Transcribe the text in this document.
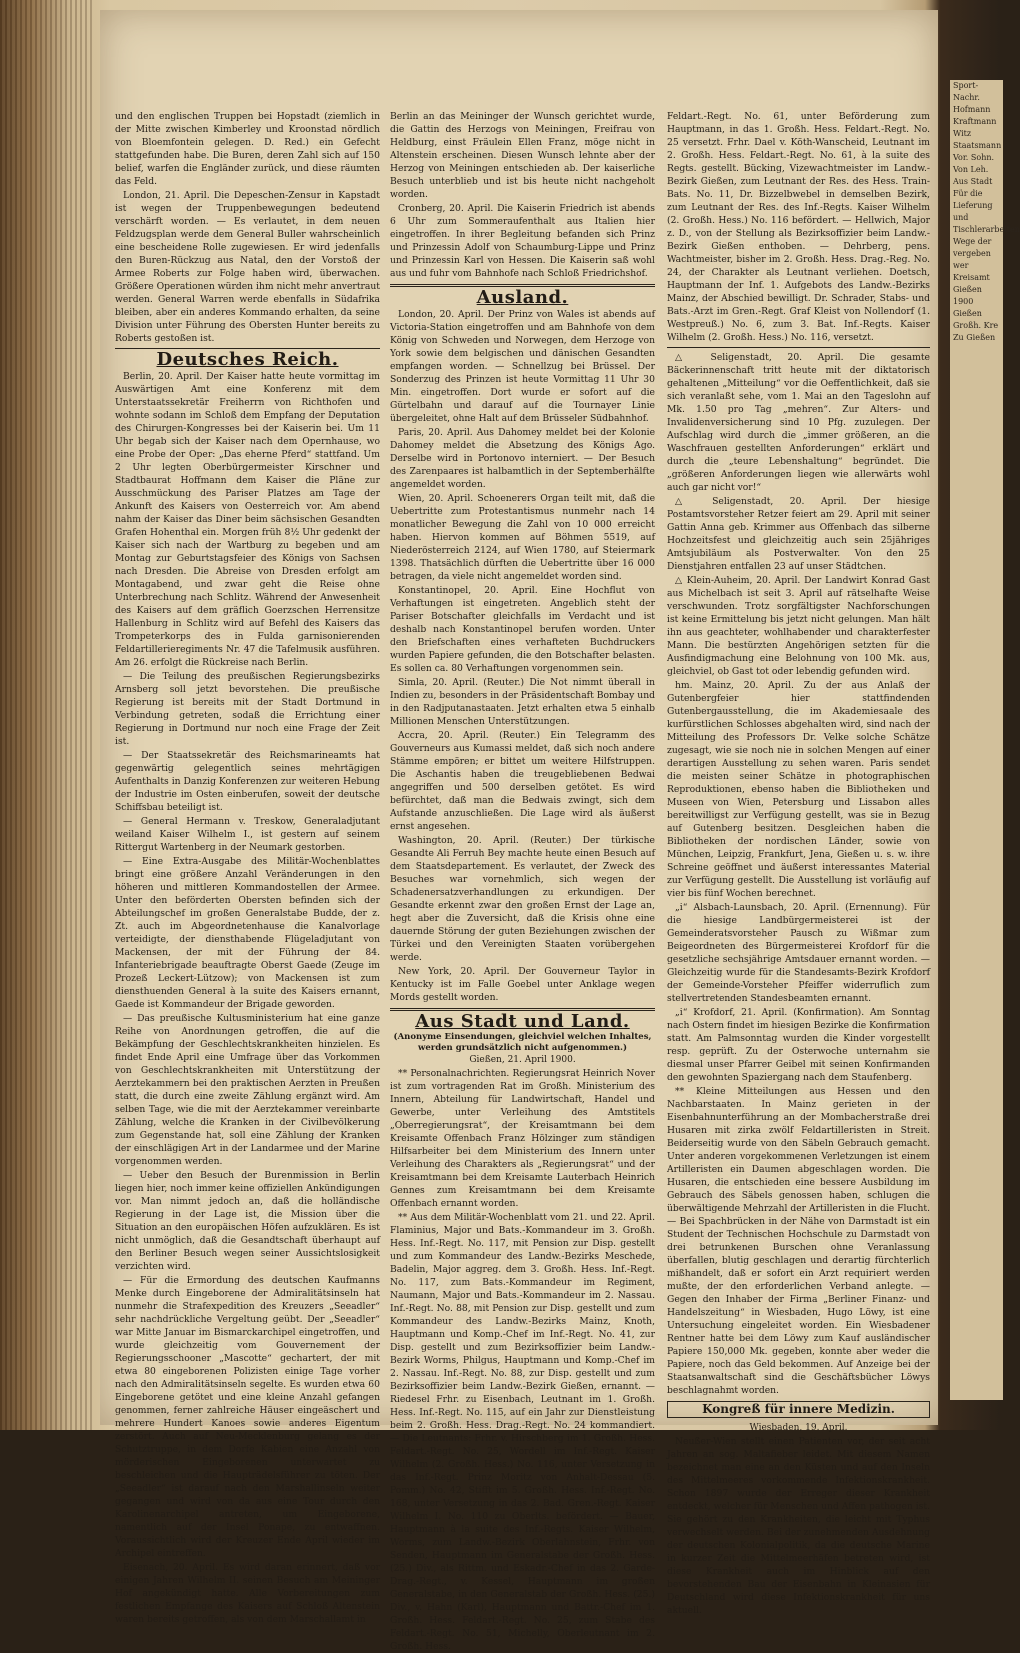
und den englischen Truppen bei Hopstadt (ziemlich in der Mitte zwischen Kimberley und Kroonstad nördlich von Bloemfontein gelegen. D. Red.) ein Gefecht stattgefunden habe. Die Buren, deren Zahl sich auf 150 belief, warfen die Engländer zurück, und diese räumten das Feld.

London, 21. April. Die Depeschen-Zensur in Kapstadt ist wegen der Truppenbewegungen bedeutend verschärft worden. — Es verlautet, in dem neuen Feldzugsplan werde dem General Buller wahrscheinlich eine bescheidene Rolle zugewiesen. Er wird jedenfalls den Buren-Rückzug aus Natal, den der Vorstoß der Armee Roberts zur Folge haben wird, überwachen. Größere Operationen würden ihm nicht mehr anvertraut werden. General Warren werde ebenfalls in Südafrika bleiben, aber ein anderes Kommando erhalten, da seine Division unter Führung des Obersten Hunter bereits zu Roberts gestoßen ist.

Deutsches Reich.

Berlin, 20. April. Der Kaiser hatte heute vormittag im Auswärtigen Amt eine Konferenz mit dem Unterstaatssekretär Freiherrn von Richthofen und wohnte sodann im Schloß dem Empfang der Deputation des Chirurgen-Kongresses bei der Kaiserin bei. Um 11 Uhr begab sich der Kaiser nach dem Opernhause, wo eine Probe der Oper: „Das eherne Pferd“ stattfand. Um 2 Uhr legten Oberbürgermeister Kirschner und Stadtbaurat Hoffmann dem Kaiser die Pläne zur Ausschmückung des Pariser Platzes am Tage der Ankunft des Kaisers von Oesterreich vor. Am abend nahm der Kaiser das Diner beim sächsischen Gesandten Grafen Hohenthal ein. Morgen früh 8½ Uhr gedenkt der Kaiser sich nach der Wartburg zu begeben und am Montag zur Geburtstagsfeier des Königs von Sachsen nach Dresden. Die Abreise von Dresden erfolgt am Montagabend, und zwar geht die Reise ohne Unterbrechung nach Schlitz. Während der Anwesenheit des Kaisers auf dem gräflich Goerzschen Herrensitze Hallenburg in Schlitz wird auf Befehl des Kaisers das Trompeterkorps des in Fulda garnisonierenden Feldartillerieregiments Nr. 47 die Tafelmusik ausführen. Am 26. erfolgt die Rückreise nach Berlin.

— Die Teilung des preußischen Regierungsbezirks Arnsberg soll jetzt bevorstehen. Die preußische Regierung ist bereits mit der Stadt Dortmund in Verbindung getreten, sodaß die Errichtung einer Regierung in Dortmund nur noch eine Frage der Zeit ist.

— Der Staatssekretär des Reichsmarineamts hat gegenwärtig gelegentlich seines mehrtägigen Aufenthalts in Danzig Konferenzen zur weiteren Hebung der Industrie im Osten einberufen, soweit der deutsche Schiffsbau beteiligt ist.

— General Hermann v. Treskow, Generaladjutant weiland Kaiser Wilhelm I., ist gestern auf seinem Rittergut Wartenberg in der Neumark gestorben.

— Eine Extra-Ausgabe des Militär-Wochenblattes bringt eine größere Anzahl Veränderungen in den höheren und mittleren Kommandostellen der Armee. Unter den beförderten Obersten befinden sich der Abteilungschef im großen Generalstabe Budde, der z. Zt. auch im Abgeordnetenhause die Kanalvorlage verteidigte, der diensthabende Flügeladjutant von Mackensen, der mit der Führung der 84. Infanteriebrigade beauftragte Oberst Gaede (Zeuge im Prozeß Leckert-Lützow); von Mackensen ist zum diensthuenden General à la suite des Kaisers ernannt, Gaede ist Kommandeur der Brigade geworden.

— Das preußische Kultusministerium hat eine ganze Reihe von Anordnungen getroffen, die auf die Bekämpfung der Geschlechtskrankheiten hinzielen. Es findet Ende April eine Umfrage über das Vorkommen von Geschlechtskrankheiten mit Unterstützung der Aerztekammern bei den praktischen Aerzten in Preußen statt, die durch eine zweite Zählung ergänzt wird. Am selben Tage, wie die mit der Aerztekammer vereinbarte Zählung, welche die Kranken in der Civilbevölkerung zum Gegenstande hat, soll eine Zählung der Kranken der einschlägigen Art in der Landarmee und der Marine vorgenommen werden.

— Ueber den Besuch der Burenmission in Berlin liegen hier, noch immer keine offiziellen Ankündigungen vor. Man nimmt jedoch an, daß die holländische Regierung in der Lage ist, die Mission über die Situation an den europäischen Höfen aufzuklären. Es ist nicht unmöglich, daß die Gesandtschaft überhaupt auf den Berliner Besuch wegen seiner Aussichtslosigkeit verzichten wird.

— Für die Ermordung des deutschen Kaufmanns Menke durch Eingeborene der Admiralitätsinseln hat nunmehr die Strafexpedition des Kreuzers „Seeadler“ sehr nachdrückliche Vergeltung geübt. Der „Seeadler“ war Mitte Januar im Bismarckarchipel eingetroffen, und wurde gleichzeitig vom Gouvernement der Regierungsschooner „Mascotte“ gechartert, der mit etwa 80 eingeborenen Polizisten einige Tage vorher nach den Admiralitätsinseln segelte. Es wurden etwa 60 Eingeborene getötet und eine kleine Anzahl gefangen genommen, ferner zahlreiche Häuser eingeäschert und mehrere Hundert Kanoes sowie anderes Eigentum zerstört. Auch auf Neu-Mecklenburg gelang es der Schutztruppe, in dem Dorfe Kabien eine Anzahl von mörderischen Eingeborenen unterwartet zu beschleichen und die Haupträdelsführer zu töten. Der „Seeadler“ ist darauf nach den Marshallinseln weiter gegangen und wird von da aus eine Tour durch den Karolinenarchipel antreten, um Eingeborene, namentlich auf der Insel Ponape, zu entwaffnen. Voraussichtlich wird der Kreuzer Ende April wieder im Archipel eintreffen.

Eisenach, 20. April. Es wird daran erinnert, daß vor einigen Jahren Wilhelm II. seinen Besuch am Meininger Hof angekündigt hatte. Alle Vorbereitungen zum festlichen Empfange des Kaisers auf Schloß Altenstein waren bereits getroffen, als von dem Marschallamt in

Berlin an das Meininger der Wunsch gerichtet wurde, die Gattin des Herzogs von Meiningen, Freifrau von Heldburg, einst Fräulein Ellen Franz, möge nicht in Altenstein erscheinen. Diesen Wunsch lehnte aber der Herzog von Meiningen entschieden ab. Der kaiserliche Besuch unterblieb und ist bis heute nicht nachgeholt worden.

Cronberg, 20. April. Die Kaiserin Friedrich ist abends 6 Uhr zum Sommeraufenthalt aus Italien hier eingetroffen. In ihrer Begleitung befanden sich Prinz und Prinzessin Adolf von Schaumburg-Lippe und Prinz und Prinzessin Karl von Hessen. Die Kaiserin saß wohl aus und fuhr vom Bahnhofe nach Schloß Friedrichshof.

Ausland.

London, 20. April. Der Prinz von Wales ist abends auf Victoria-Station eingetroffen und am Bahnhofe von dem König von Schweden und Norwegen, dem Herzoge von York sowie dem belgischen und dänischen Gesandten empfangen worden. — Schnellzug bei Brüssel. Der Sonderzug des Prinzen ist heute Vormittag 11 Uhr 30 Min. eingetroffen. Dort wurde er sofort auf die Gürtelbahn und darauf auf die Tournayer Linie übergeleitet, ohne Halt auf dem Brüsseler Südbahnhof.

Paris, 20. April. Aus Dahomey meldet bei der Kolonie Dahomey meldet die Absetzung des Königs Ago. Derselbe wird in Portonovo interniert. — Der Besuch des Zarenpaares ist halbamtlich in der Septemberhälfte angemeldet worden.

Wien, 20. April. Schoenerers Organ teilt mit, daß die Uebertritte zum Protestantismus nunmehr nach 14 monatlicher Bewegung die Zahl von 10 000 erreicht haben. Hiervon kommen auf Böhmen 5519, auf Niederösterreich 2124, auf Wien 1780, auf Steiermark 1398. Thatsächlich dürften die Uebertritte über 16 000 betragen, da viele nicht angemeldet worden sind.

Konstantinopel, 20. April. Eine Hochflut von Verhaftungen ist eingetreten. Angeblich steht der Pariser Botschafter gleichfalls im Verdacht und ist deshalb nach Konstantinopel berufen worden. Unter den Briefschaften eines verhafteten Buchdruckers wurden Papiere gefunden, die den Botschafter belasten. Es sollen ca. 80 Verhaftungen vorgenommen sein.

Simla, 20. April. (Reuter.) Die Not nimmt überall in Indien zu, besonders in der Präsidentschaft Bombay und in den Radjputanastaaten. Jetzt erhalten etwa 5 einhalb Millionen Menschen Unterstützungen.

Accra, 20. April. (Reuter.) Ein Telegramm des Gouverneurs aus Kumassi meldet, daß sich noch andere Stämme empören; er bittet um weitere Hilfstruppen. Die Aschantis haben die treugebliebenen Bedwai angegriffen und 500 derselben getötet. Es wird befürchtet, daß man die Bedwais zwingt, sich dem Aufstande anzuschließen. Die Lage wird als äußerst ernst angesehen.

Washington, 20. April. (Reuter.) Der türkische Gesandte Ali Ferruh Bey machte heute einen Besuch auf dem Staatsdepartement. Es verlautet, der Zweck des Besuches war vornehmlich, sich wegen der Schadenersatzverhandlungen zu erkundigen. Der Gesandte erkennt zwar den großen Ernst der Lage an, hegt aber die Zuversicht, daß die Krisis ohne eine dauernde Störung der guten Beziehungen zwischen der Türkei und den Vereinigten Staaten vorübergehen werde.

New York, 20. April. Der Gouverneur Taylor in Kentucky ist im Falle Goebel unter Anklage wegen Mords gestellt worden.

Aus Stadt und Land.
(Anonyme Einsendungen, gleichviel welchen Inhaltes, werden grundsätzlich nicht aufgenommen.)
Gießen, 21. April 1900.

** Personalnachrichten. Regierungsrat Heinrich Nover ist zum vortragenden Rat im Großh. Ministerium des Innern, Abteilung für Landwirtschaft, Handel und Gewerbe, unter Verleihung des Amtstitels „Oberregierungsrat“, der Kreisamtmann bei dem Kreisamte Offenbach Franz Hölzinger zum ständigen Hilfsarbeiter bei dem Ministerium des Innern unter Verleihung des Charakters als „Regierungsrat“ und der Kreisamtmann bei dem Kreisamte Lauterbach Heinrich Gennes zum Kreisamtmann bei dem Kreisamte Offenbach ernannt worden.

** Aus dem Militär-Wochenblatt vom 21. und 22. April. Flaminius, Major und Bats.-Kommandeur im 3. Großh. Hess. Inf.-Regt. No. 117, mit Pension zur Disp. gestellt und zum Kommandeur des Landw.-Bezirks Meschede, Badelin, Major aggreg. dem 3. Großh. Hess. Inf.-Regt. No. 117, zum Bats.-Kommandeur im Regiment, Naumann, Major und Bats.-Kommandeur im 2. Nassau. Inf.-Regt. No. 88, mit Pension zur Disp. gestellt und zum Kommandeur des Landw.-Bezirks Mainz, Knoth, Hauptmann und Komp.-Chef im Inf.-Regt. No. 41, zur Disp. gestellt und zum Bezirksoffizier beim Landw.-Bezirk Worms, Philgus, Hauptmann und Komp.-Chef im 2. Nassau. Inf.-Regt. No. 88, zur Disp. gestellt und zum Bezirksoffizier beim Landw.-Bezirk Gießen, ernannt. — Riedesel Frhr. zu Eisenbach, Leutnant im 1. Großh. Hess. Inf.-Regt. No. 115, auf ein Jahr zur Dienstleistung beim 2. Großh. Hess. Drag.-Regt. No. 24 kommandiert. — Die Leutnants: Frhr. v. Hirschberg im 1. Großh. Hess. Feldart.-Regt. No. 25, Wordell im Inf.-Regt. Kaiser Wilhelm (2. Großh. Hess.) No. 116, unter Versetzung in das Inf.-Regt. Prinz Moritz von Anhalt-Dessau (5. Pomm.) No. 42, Stifft im 5. Großh. Hess. Inf.-Regt. No. 168, unter Versetzung in das 2. Bad. Gren.-Regt. Kaiser Wilhelm I. No. 110 zu Oberlts. befördert. — Bauer, Hauptmann à la suite des Inf.-Regts. Kaiser Wilhelm, Worms, zum Landw.-Bezirk Oberlahnstein, Frhr. von Senden, Hauptmann im Generalstabe der Großh. Hess. (25.) Div., als Rittm. und Eskadr.-Chef in das 2. Garde-Drag.-Regt., v. Kessel, Hauptmann im großen Generalstabe, in den Generalstab der Großh. Hess. (25.) Div., v. Hahn (Karl), Hauptmann und Battr.-Chef im 1. Großh. Hess. Feldart.-Regt. No. 25, zum Stabe des Feldart.-Regt. No. 51, Michelly, Oberleutnant im 2. Großh. Hess.

Feldart.-Regt. No. 61, unter Beförderung zum Hauptmann, in das 1. Großh. Hess. Feldart.-Regt. No. 25 versetzt. Frhr. Dael v. Köth-Wanscheid, Leutnant im 2. Großh. Hess. Feldart.-Regt. No. 61, à la suite des Regts. gestellt. Bücking, Vizewachtmeister im Landw.-Bezirk Gießen, zum Leutnant der Res. des Hess. Train-Bats. No. 11, Dr. Bizzelbwebel in demselben Bezirk, zum Leutnant der Res. des Inf.-Regts. Kaiser Wilhelm (2. Großh. Hess.) No. 116 befördert. — Hellwich, Major z. D., von der Stellung als Bezirksoffizier beim Landw.-Bezirk Gießen enthoben. — Dehrberg, pens. Wachtmeister, bisher im 2. Großh. Hess. Drag.-Reg. No. 24, der Charakter als Leutnant verliehen. Doetsch, Hauptmann der Inf. 1. Aufgebots des Landw.-Bezirks Mainz, der Abschied bewilligt. Dr. Schrader, Stabs- und Bats.-Arzt im Gren.-Regt. Graf Kleist von Nollendorf (1. Westpreuß.) No. 6, zum 3. Bat. Inf.-Regts. Kaiser Wilhelm (2. Großh. Hess.) No. 116, versetzt.

△ Seligenstadt, 20. April. Die gesamte Bäckerinnenschaft tritt heute mit der diktatorisch gehaltenen „Mitteilung“ vor die Oeffentlichkeit, daß sie sich veranlaßt sehe, vom 1. Mai an den Tageslohn auf Mk. 1.50 pro Tag „mehren“. Zur Alters- und Invalidenversicherung sind 10 Pfg. zuzulegen. Der Aufschlag wird durch die „immer größeren, an die Waschfrauen gestellten Anforderungen“ erklärt und durch die „teure Lebenshaltung“ begründet. Die „größeren Anforderungen liegen wie allerwärts wohl auch gar nicht vor!“

△ Seligenstadt, 20. April. Der hiesige Postamtsvorsteher Retzer feiert am 29. April mit seiner Gattin Anna geb. Krimmer aus Offenbach das silberne Hochzeitsfest und gleichzeitig auch sein 25jähriges Amtsjubiläum als Postverwalter. Von den 25 Dienstjahren entfallen 23 auf unser Städtchen.

△ Klein-Auheim, 20. April. Der Landwirt Konrad Gast aus Michelbach ist seit 3. April auf rätselhafte Weise verschwunden. Trotz sorgfältigster Nachforschungen ist keine Ermittelung bis jetzt nicht gelungen. Man hält ihn aus geachteter, wohlhabender und charakterfester Mann. Die bestürzten Angehörigen setzten für die Ausfindigmachung eine Belohnung von 100 Mk. aus, gleichviel, ob Gast tot oder lebendig gefunden wird.

hm. Mainz, 20. April. Zu der aus Anlaß der Gutenbergfeier hier stattfindenden Gutenbergausstellung, die im Akademiesaale des kurfürstlichen Schlosses abgehalten wird, sind nach der Mitteilung des Professors Dr. Velke solche Schätze zugesagt, wie sie noch nie in solchen Mengen auf einer derartigen Ausstellung zu sehen waren. Paris sendet die meisten seiner Schätze in photographischen Reproduktionen, ebenso haben die Bibliotheken und Museen von Wien, Petersburg und Lissabon alles bereitwilligst zur Verfügung gestellt, was sie in Bezug auf Gutenberg besitzen. Desgleichen haben die Bibliotheken der nordischen Länder, sowie von München, Leipzig, Frankfurt, Jena, Gießen u. s. w. ihre Schreine geöffnet und äußerst interessantes Material zur Verfügung gestellt. Die Ausstellung ist vorläufig auf vier bis fünf Wochen berechnet.

„i“ Alsbach-Launsbach, 20. April. (Ernennung). Für die hiesige Landbürgermeisterei ist der Gemeinderatsvorsteher Pausch zu Wißmar zum Beigeordneten des Bürgermeisterei Krofdorf für die gesetzliche sechsjährige Amtsdauer ernannt worden. — Gleichzeitig wurde für die Standesamts-Bezirk Krofdorf der Gemeinde-Vorsteher Pfeiffer widerruflich zum stellvertretenden Standesbeamten ernannt.

„i“ Krofdorf, 21. April. (Konfirmation). Am Sonntag nach Ostern findet im hiesigen Bezirke die Konfirmation statt. Am Palmsonntag wurden die Kinder vorgestellt resp. geprüft. Zu der Osterwoche unternahm sie diesmal unser Pfarrer Geibel mit seinen Konfirmanden den gewohnten Spaziergang nach dem Staufenberg.

** Kleine Mitteilungen aus Hessen und den Nachbarstaaten. In Mainz gerieten in der Eisenbahnunterführung an der Mombacherstraße drei Husaren mit zirka zwölf Feldartilleristen in Streit. Beiderseitig wurde von den Säbeln Gebrauch gemacht. Unter anderen vorgekommenen Verletzungen ist einem Artilleristen ein Daumen abgeschlagen worden. Die Husaren, die entschieden eine bessere Ausbildung im Gebrauch des Säbels genossen haben, schlugen die überwältigende Mehrzahl der Artilleristen in die Flucht. — Bei Spachbrücken in der Nähe von Darmstadt ist ein Student der Technischen Hochschule zu Darmstadt von drei betrunkenen Burschen ohne Veranlassung überfallen, blutig geschlagen und derartig fürchterlich mißhandelt, daß er sofort ein Arzt requiriert werden mußte, der den erforderlichen Verband anlegte. — Gegen den Inhaber der Firma „Berliner Finanz- und Handelszeitung“ in Wiesbaden, Hugo Löwy, ist eine Untersuchung eingeleitet worden. Ein Wiesbadener Rentner hatte bei dem Löwy zum Kauf ausländischer Papiere 150,000 Mk. gegeben, konnte aber weder die Papiere, noch das Geld bekommen. Auf Anzeige bei der Staatsanwaltschaft sind die Geschäftsbücher Löwys beschlagnahmt worden.

Kongreß für innere Medizin.
Wiesbaden, 19. April.

Neußer-Wien stellt einen Patienten vor, der seit acht Jahren an sog. Maltafieber leidet. Mit diesem Namen bezeichnet man eine an den Küsten und auf den Inseln des Mittelmeeres vorkommende Infektionskrankheit. Schon 1897 wurde der Erreger dieser Krankheit entdeckt, welcher für Menschen und Affen pathogen ist. Sie gehört zu den Krankheiten, die leicht mit Typhus verwechselt werden. Bei der zunehmenden Ausdehnung der deutschen Kolonialpolitik, da die deutsche Marine in kurzer Zeit die Mittelmeerhäfen betreten wird, ist diese Krankheit auch im Hinblick auf den bevorstehenden Bau der Eisenbahn in Kleinasien für Deutschland wird diese Infektionskrankheit für uns aktuell.

Sport-Nachr. Hofmann Kraftmann Witz Staatsmann Vor. Sohn. Von Leh. Aus Stadt Für die Lieferung und Tischlerarbeiten Wege der vergeben wer Kreisamt Gießen 1900 Gießen Großh. Kre Zu Gießen
